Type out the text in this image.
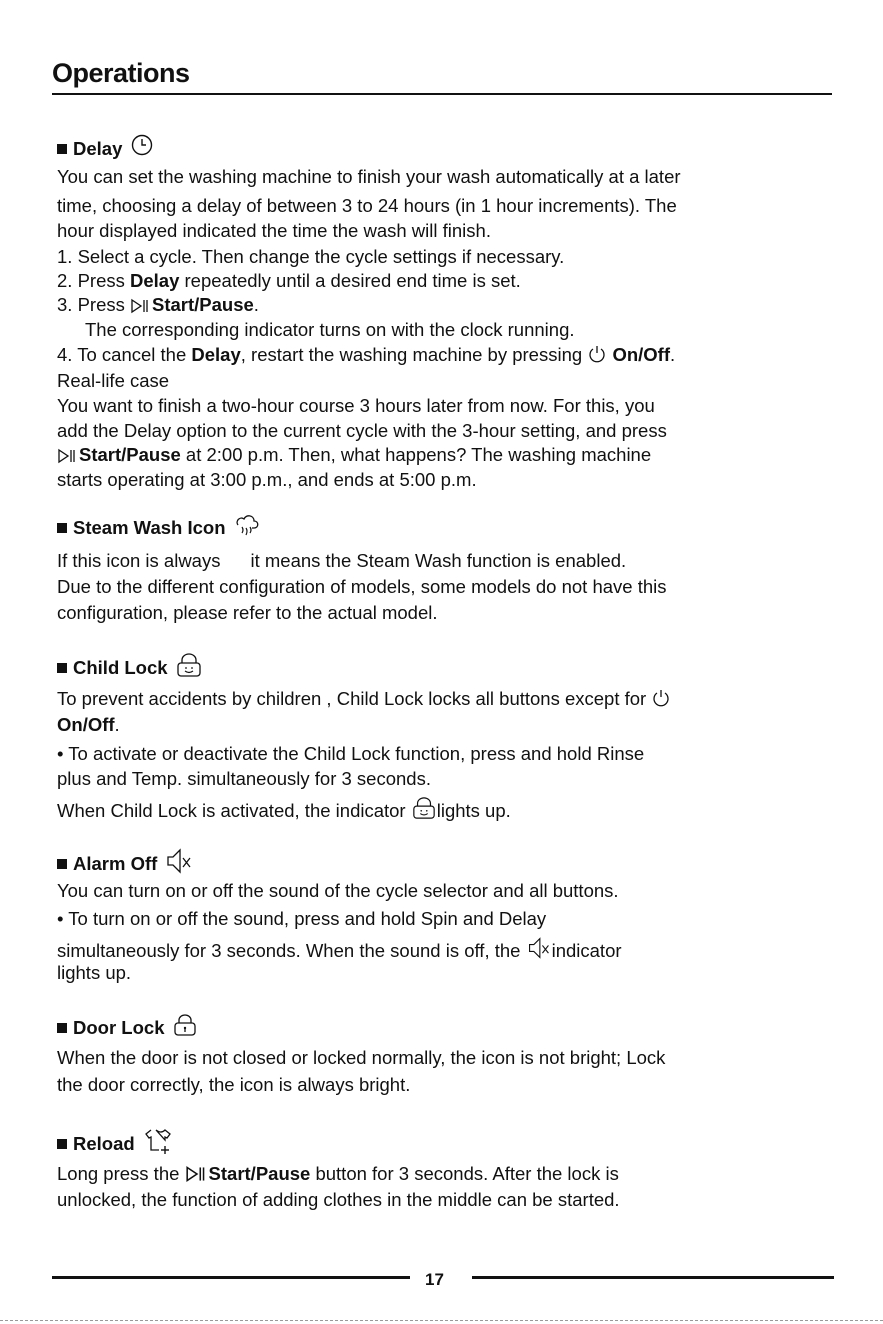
Operations
Delay
You can set the washing machine to finish your wash automatically at a later
time, choosing a delay of between 3 to 24 hours (in 1 hour increments). The
hour displayed indicated the time the wash will finish.
1. Select a cycle. Then change the cycle settings if necessary.
2. Press Delay repeatedly until a desired end time is set.
3. Press Start/Pause.
The corresponding indicator turns on with the clock running.
4. To cancel the Delay, restart the washing machine by pressing  On/Off.
Real-life case
You want to finish a two-hour course 3 hours later from now. For this, you
add the Delay option to the current cycle with the 3-hour setting, and press
Start/Pause at 2:00 p.m. Then, what happens? The washing machine
starts operating at 3:00 p.m., and ends at 5:00 p.m.
Steam Wash Icon
If this icon is always it means the Steam Wash function is enabled.
Due to the different configuration of models, some models do not have this
configuration, please refer to the actual model.
Child Lock
To prevent accidents by children , Child Lock locks all buttons except for
On/Off.
• To activate or deactivate the Child Lock function, press and hold Rinse
plus and Temp. simultaneously for 3 seconds.
When Child Lock is activated, the indicator lights up.
Alarm Off
You can turn on or off the sound of the cycle selector and all buttons.
• To turn on or off the sound, press and hold Spin and Delay
simultaneously for 3 seconds. When the sound is off, the indicator
lights up.
Door Lock
When the door is not closed or locked normally, the icon is not bright; Lock
the door correctly, the icon is always bright.
Reload
Long press the Start/Pause button for 3 seconds. After the lock is
unlocked, the function of adding clothes in the middle can be started.
17
